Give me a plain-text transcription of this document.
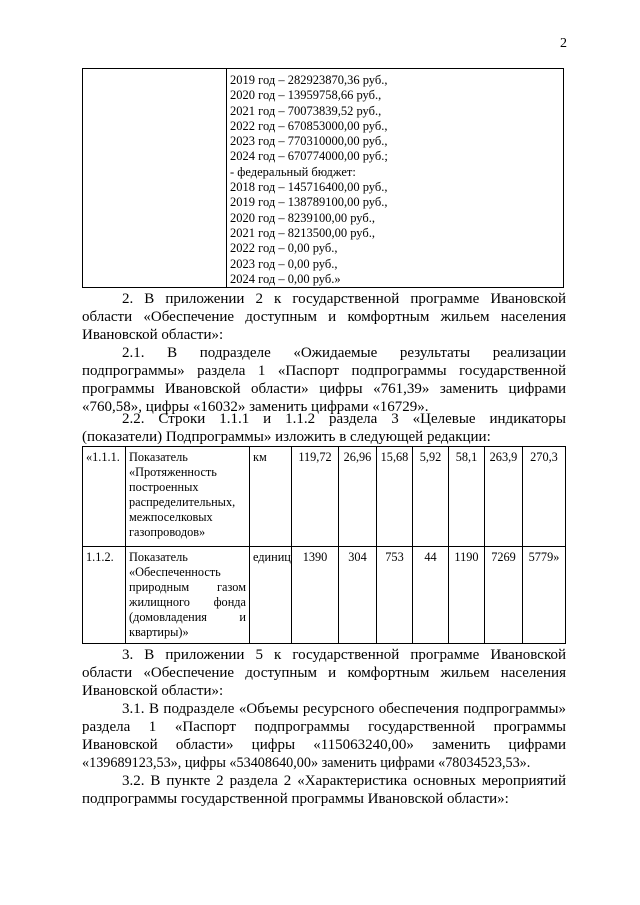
2
2019 год – 282923870,36 руб.,
2020 год – 13959758,66 руб.,
2021 год – 70073839,52 руб.,
2022 год – 670853000,00 руб.,
2023 год – 770310000,00 руб.,
2024 год – 670774000,00 руб.;
- федеральный бюджет:
2018 год – 145716400,00 руб.,
2019 год – 138789100,00 руб.,
2020 год – 8239100,00 руб.,
2021 год – 8213500,00 руб.,
2022 год – 0,00 руб.,
2023 год – 0,00 руб.,
2024 год – 0,00 руб.»

2. В приложении 2 к государственной программе Ивановской

области «Обеспечение доступным и комфортным жильем населения

Ивановской области»:

2.1. В подразделе «Ожидаемые результаты реализации

подпрограммы» раздела 1 «Паспорт подпрограммы государственной

программы Ивановской области» цифры «761,39» заменить цифрами

«760,58», цифры «16032» заменить цифрами «16729».

2.2. Строки 1.1.1 и 1.1.2 раздела 3 «Целевые индикаторы

(показатели) Подпрограммы» изложить в следующей редакции:

«1.1.1.	Показатель «Протяженность построенных распределительных, межпоселковых газопроводов»	км	119,72	26,96	15,68	5,92	58,1	263,9	270,3
1.1.2.	Показатель «Обеспеченность природным газом жилищного фонда (домовладения и квартиры)»	единиц	1390	304	753	44	1190	7269	5779»

3. В приложении 5 к государственной программе Ивановской

области «Обеспечение доступным и комфортным жильем населения

Ивановской области»:

3.1. В подразделе «Объемы ресурсного обеспечения подпрограммы»

раздела 1 «Паспорт подпрограммы государственной программы

Ивановской области» цифры «115063240,00» заменить цифрами

«139689123,53», цифры «53408640,00» заменить цифрами «78034523,53».

3.2. В пункте 2 раздела 2 «Характеристика основных мероприятий

подпрограммы государственной программы Ивановской области»:
